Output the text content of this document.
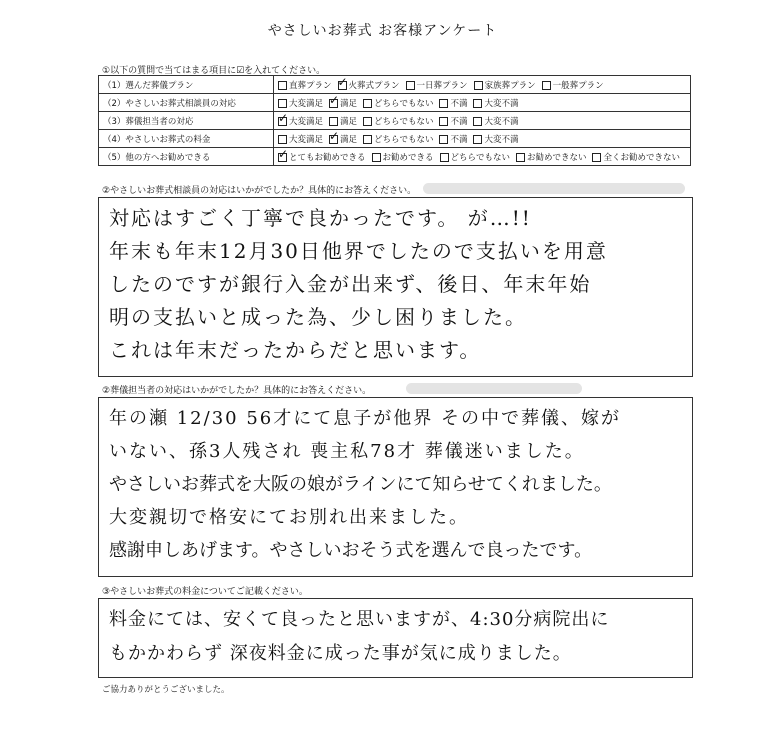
やさしいお葬式 お客様アンケート
①以下の質問で当てはまる項目に☑を入れてください。
（1）選んだ葬儀プラン	直葬プラン ✓ 火葬式プラン 一日葬プラン 家族葬プラン 一般葬プラン
（2）やさしいお葬式相談員の対応	大変満足 ✓ 満足 どちらでもない 不満 大変不満
（3）葬儀担当者の対応	✓大変満足 満足 どちらでもない 不満 大変不満
（4）やさしいお葬式の料金	大変満足 ✓ 満足 どちらでもない 不満 大変不満
（5）他の方へお勧めできる	✓とてもお勧めできる お勧めできる どちらでもない お勧めできない 全くお勧めできない
②やさしいお葬式相談員の対応はいかがでしたか？具体的にお答えください。
対応はすごく丁寧で良かったです。 が…!!
年末も年末12月30日他界でしたので支払いを用意
したのですが銀行入金が出来ず、後日、年末年始
明の支払いと成った為、少し困りました。
これは年末だったからだと思います。
②葬儀担当者の対応はいかがでしたか？具体的にお答えください。
年の瀬 12/30 56才にて息子が他界 その中で葬儀、嫁が
いない、孫3人残され 喪主私78才 葬儀迷いました。
やさしいお葬式を大阪の娘がラインにて知らせてくれました。
大変親切で格安にてお別れ出来ました。
感謝申しあげます。やさしいおそう式を選んで良ったです。
③やさしいお葬式の料金についてご記載ください。
料金にては、安くて良ったと思いますが、4:30分病院出に
もかかわらず 深夜料金に成った事が気に成りました。
ご協力ありがとうございました。
